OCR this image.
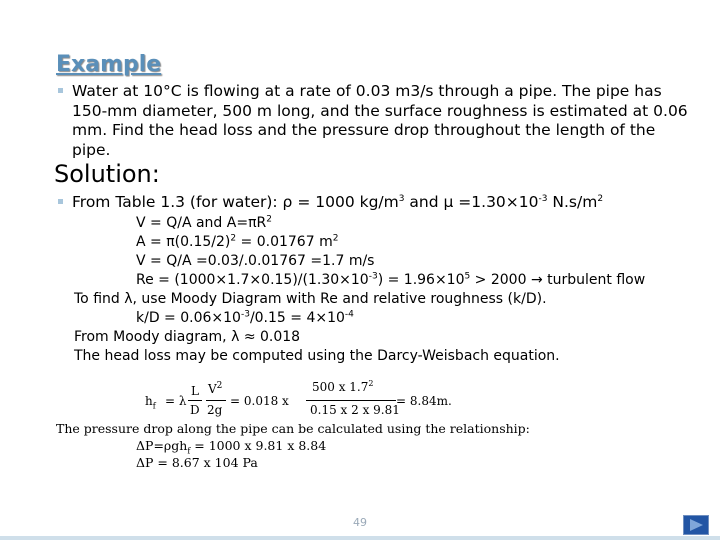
Example
Water at 10°C is flowing at a rate of 0.03 m3/s through a pipe. The pipe has 150-mm diameter, 500 m long, and the surface roughness is estimated at 0.06 mm. Find the head loss and the pressure drop throughout the length of the pipe.
Solution:
From Table 1.3 (for water): ρ = 1000 $kg/m^3$ and $\mu =1.30\times 10^{-3}$ $N.s/m^2$
V = Q/A and $A=\pi R^2$
$A = \pi(0.15/2)^2 = 0.01767$ $m^2$
V = Q/A =0.03/.0.01767 =1.7 m/s
$Re = (1000\times 1.7\times 0.15)/(1.30\times 10^{-3}) = 1.96\times 10^5 > 2000$ → turbulent flow
To find λ, use Moody Diagram with Re and relative roughness (k/D).
$k/D = 0.06\times 10^{-3}/0.15 = 4\times 10^{-4}$
From Moody diagram, λ ≈ 0.018
The head loss may be computed using the Darcy-Weisbach equation.
$h_f = \lambda$
L
D
$V^2$
2g
= 0.018 x
500 x $1.7^2$
0.15 x 2 x 9.81
= 8.84m.
The pressure drop along the pipe can be calculated using the relationship:
ΔP=ρgh$_f$ = 1000 x 9.81 x 8.84
ΔP = 8.67 x 104 Pa
49
